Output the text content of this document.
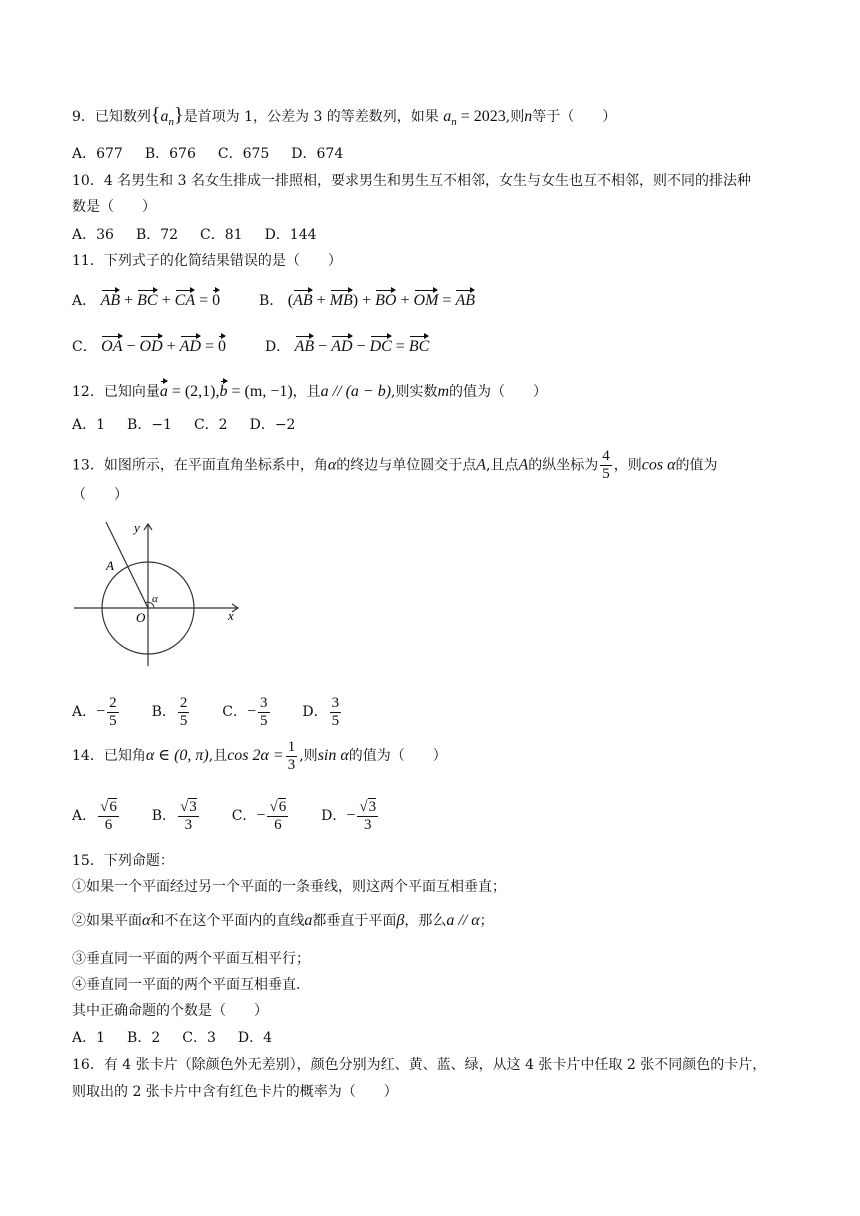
9．已知数列$\{a_n\}$是首项为 1，公差为 3 的等差数列，如果 $a_n = 2023$,则n等于（　　）
A．677 B．676 C．675 D．674
10．4 名男生和 3 名女生排成一排照相，要求男生和男生互不相邻，女生与女生也互不相邻，则不同的排法种
数是（　　）
A．36 B．72 C．81 D．144
11．下列式子的化简结果错误的是（　　）
A． AB + BC + CA = 0	B． (AB + MB) + BO + OM = AB
C． OA − OD + AD = 0	D． AB − AD − DC = BC
12．已知向量a = (2,1),b = (m, −1)，且a // (a − b),则实数m的值为（　　）
A．1 B．−1 C．2 D．−2
13．如图所示，在平面直角坐标系中，角α的终边与单位圆交于点A,且点A的纵坐标为 $\frac{4}{5}$ ，则cos α的值为
（　　）
y
x
O
A
α
A．− $\frac{2}{5}$ B． $\frac{2}{5}$ C．− $\frac{3}{5}$ D． $\frac{3}{5}$
14．已知角α ∈ (0, π),且$\cos 2\alpha = \frac{1}{3}$ ,则sin α的值为（　　）
A． $\frac{√6}{6}$ B． $\frac{√3}{3}$ C．− $\frac{√6}{6}$ D．− $\frac{√3}{3}$
15．下列命题：
①如果一个平面经过另一个平面的一条垂线，则这两个平面互相垂直；
②如果平面α和不在这个平面内的直线a都垂直于平面β，那么a // α；
③垂直同一平面的两个平面互相平行；
④垂直同一平面的两个平面互相垂直.
其中正确命题的个数是（　　）
A．1 B．2 C．3 D．4
16．有 4 张卡片（除颜色外无差别），颜色分别为红、黄、蓝、绿，从这 4 张卡片中任取 2 张不同颜色的卡片，
则取出的 2 张卡片中含有红色卡片的概率为（　　）
